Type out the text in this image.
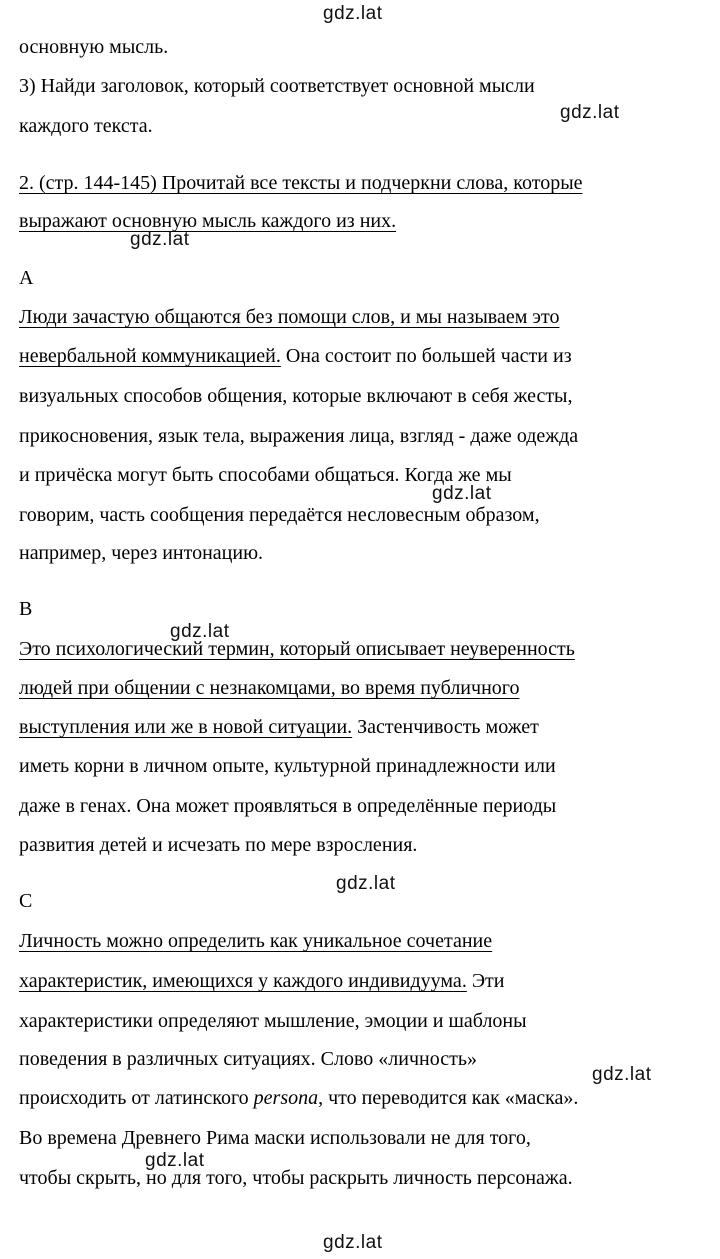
gdz.lat
gdz.lat
gdz.lat
gdz.lat
gdz.lat
gdz.lat
gdz.lat
gdz.lat
gdz.lat
основную мысль.
3) Найди заголовок, который соответствует основной мысли
каждого текста.
2. (стр. 144-145) Прочитай все тексты и подчеркни слова, которые
выражают основную мысль каждого из них.
A
Люди зачастую общаются без помощи слов, и мы называем это
невербальной коммуникацией. Она состоит по большей части из
визуальных способов общения, которые включают в себя жесты,
прикосновения, язык тела, выражения лица, взгляд - даже одежда
и причёска могут быть способами общаться. Когда же мы
говорим, часть сообщения передаётся несловесным образом,
например, через интонацию.
B
Это психологический термин, который описывает неуверенность
людей при общении с незнакомцами, во время публичного
выступления или же в новой ситуации. Застенчивость может
иметь корни в личном опыте, культурной принадлежности или
даже в генах. Она может проявляться в определённые периоды
развития детей и исчезать по мере взросления.
C
Личность можно определить как уникальное сочетание
характеристик, имеющихся у каждого индивидуума. Эти
характеристики определяют мышление, эмоции и шаблоны
поведения в различных ситуациях. Слово «личность»
происходить от латинского persona, что переводится как «маска».
Во времена Древнего Рима маски использовали не для того,
чтобы скрыть, но для того, чтобы раскрыть личность персонажа.
